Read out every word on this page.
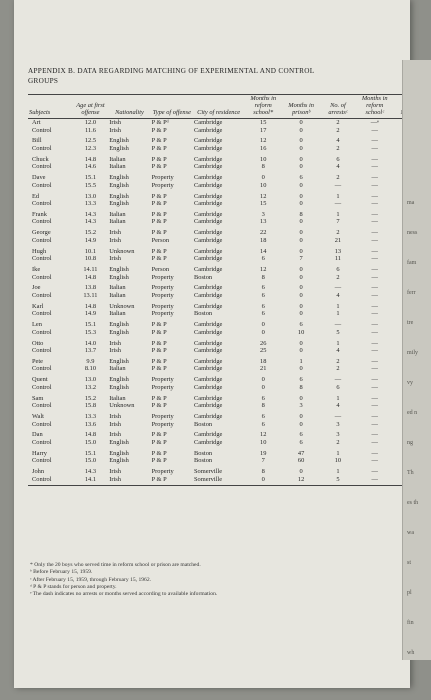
APPENDIX B. DATA REGARDING MATCHING OF EXPERIMENTAL AND CONTROL
GROUPS
Subjects	Age at first offense	Nationality	Type of offense	City of residence	Months in reform school*	Months in prisonᵇ	No. of arrestsᶜ	Months in reform schoolᶜ	
Art	12.0	Irish	P & Pᵈ	Cambridge	15	0	2	—ᵉ	
Control	11.6	Irish	P & P	Cambridge	17	0	2	—	
Bill	12.5	English	P & P	Cambridge	12	0	4	—	
Control	12.3	English	P & P	Cambridge	16	0	2	—	
Chuck	14.8	Italian	P & P	Cambridge	10	0	6	—	
Control	14.6	Italian	P & P	Cambridge	8	0	4	—	
Dave	15.1	English	Property	Cambridge	0	6	2	—	
Control	15.5	English	Property	Cambridge	10	0	—	—	
Ed	13.0	English	P & P	Cambridge	12	0	1	—	
Control	13.3	English	P & P	Cambridge	15	0	—	—	
Frank	14.3	Italian	P & P	Cambridge	3	8	1	—	
Control	14.3	Italian	P & P	Cambridge	13	0	7	—	
George	15.2	Irish	P & P	Cambridge	22	0	2	—	
Control	14.9	Irish	Person	Cambridge	18	0	21	—	
Hugh	10.1	Unknown	P & P	Cambridge	14	0	13	—	
Control	10.8	Irish	P & P	Cambridge	6	7	11	—	
Ike	14.11	English	Person	Cambridge	12	0	6	—	
Control	14.8	English	Property	Boston	8	0	2	—	
Joe	13.8	Italian	Property	Cambridge	6	0	—	—	
Control	13.11	Italian	Property	Cambridge	6	0	4	—	
Karl	14.8	Unknown	Property	Cambridge	6	0	1	—	
Control	14.9	Italian	Property	Boston	6	0	1	—	
Len	15.1	English	P & P	Cambridge	0	6	—	—	
Control	15.3	English	P & P	Cambridge	0	10	5	—	
Otto	14.0	Irish	P & P	Cambridge	26	0	1	—	
Control	13.7	Irish	P & P	Cambridge	25	0	4	—	
Pete	9.9	English	P & P	Cambridge	18	1	2	—	
Control	8.10	Italian	P & P	Cambridge	21	0	2	—	
Quent	13.0	English	Property	Cambridge	0	6	—	—	
Control	13.2	English	Property	Cambridge	0	8	6	—	
Sam	15.2	Italian	P & P	Cambridge	6	0	1	—	
Control	15.8	Unknown	P & P	Cambridge	8	3	4	—	
Walt	13.3	Irish	Property	Cambridge	6	0	—	—	
Control	13.6	Irish	Property	Boston	6	0	3	—	
Dan	14.8	Irish	P & P	Cambridge	12	6	3	—	
Control	15.0	English	P & P	Cambridge	10	6	2	—	
Harry	15.1	English	P & P	Boston	19	47	1	—	
Control	15.0	English	P & P	Boston	7	60	10	—	
John	14.3	Irish	Property	Somerville	8	0	1	—	
Control	14.1	Irish	P & P	Somerville	0	12	5	—	
* Only the 20 boys who served time in reform school or prison are matched.
ᵇ Before February 15, 1959.
ᶜ After February 15, 1959, through February 15, 1962.
ᵈ P & P stands for person and property.
ᵉ The dash indicates no arrests or months served according to available information.
ma
ness
fam
ferr
tre
mily
vy
ed n
ng
Th
es th
wa
st
pl
fin
wh
